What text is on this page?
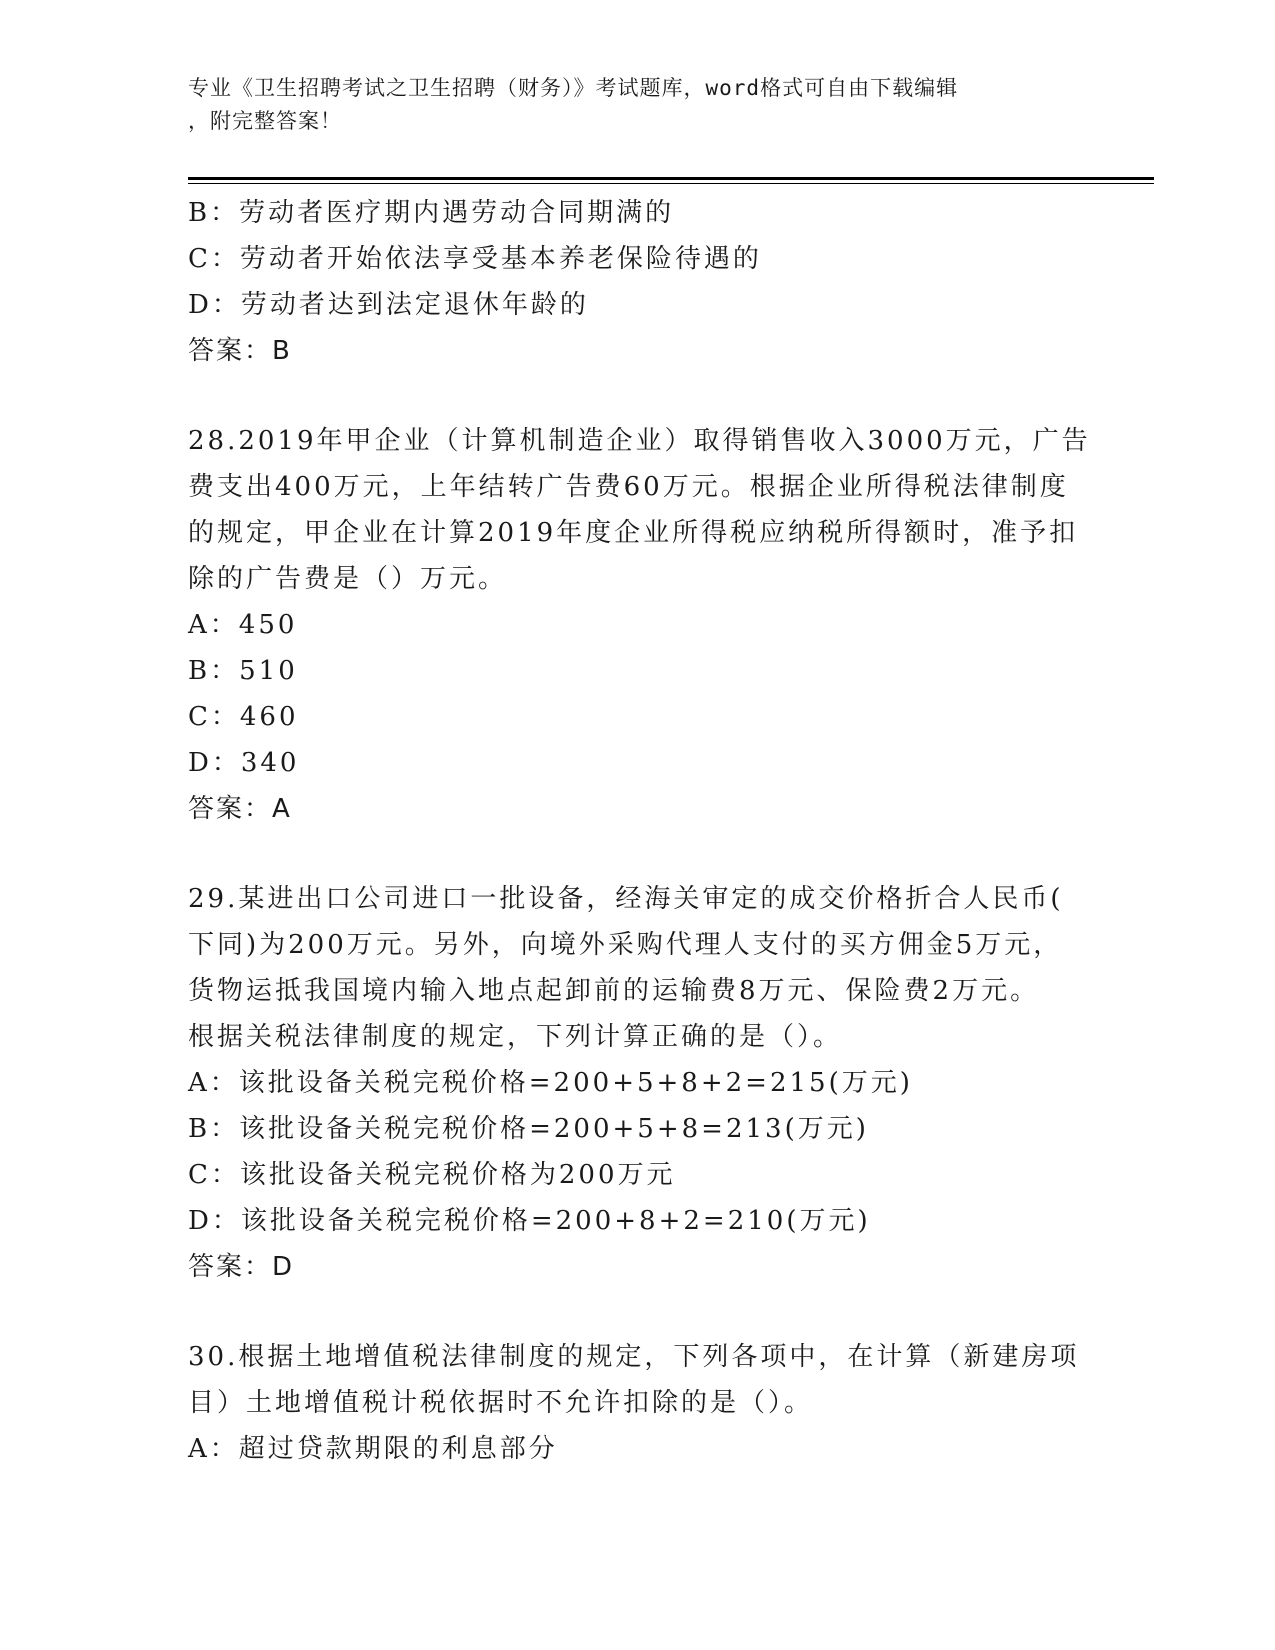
专业《卫生招聘考试之卫生招聘（财务）》考试题库，word格式可自由下载编辑
，附完整答案！
B：劳动者医疗期内遇劳动合同期满的
C：劳动者开始依法享受基本养老保险待遇的
D：劳动者达到法定退休年龄的
答案：B
28.2019年甲企业（计算机制造企业）取得销售收入3000万元，广告
费支出400万元，上年结转广告费60万元。根据企业所得税法律制度
的规定，甲企业在计算2019年度企业所得税应纳税所得额时，准予扣
除的广告费是（）万元。
A：450
B：510
C：460
D：340
答案：A
29.某进出口公司进口一批设备，经海关审定的成交价格折合人民币(
下同)为200万元。另外，向境外采购代理人支付的买方佣金5万元，
货物运抵我国境内输入地点起卸前的运输费8万元、保险费2万元。
根据关税法律制度的规定，下列计算正确的是（）。
A：该批设备关税完税价格=200+5+8+2=215(万元)
B：该批设备关税完税价格=200+5+8=213(万元)
C：该批设备关税完税价格为200万元
D：该批设备关税完税价格=200+8+2=210(万元)
答案：D
30.根据土地增值税法律制度的规定，下列各项中，在计算（新建房项
目）土地增值税计税依据时不允许扣除的是（）。
A：超过贷款期限的利息部分
